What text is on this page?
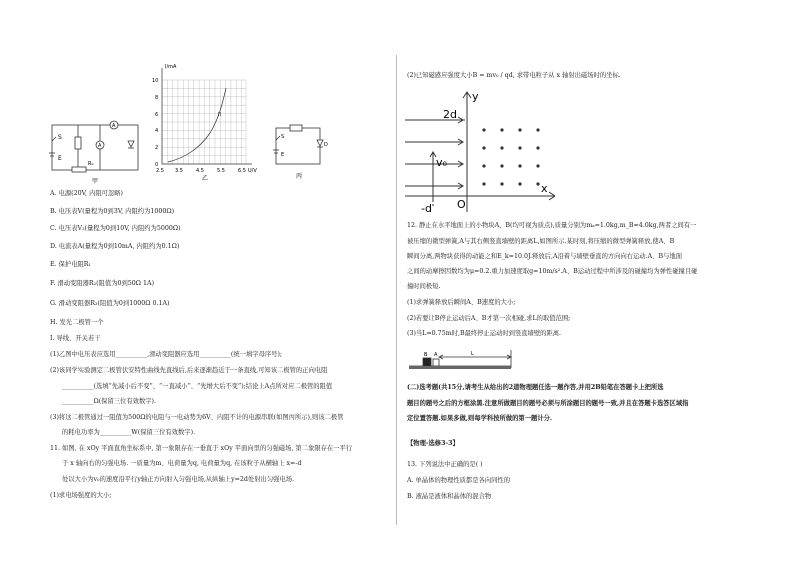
S
A
A
E
R₀
甲
I/mA
10
8
6
4
2
0
2.5 3.5	4.5	5.5	6.5 U/V
II
乙
S
E
D
丙
A. 电源(20V, 内阻可忽略)
B. 电压表V(量程为0到3V, 内阻约为1000Ω)
C. 电压表V₂(量程为0到10V, 内阻约为5000Ω)
D. 电流表A(量程为0到10mA, 内阻约为0.1Ω)
E. 保护电阻R₁
F. 滑动变阻器R₂(阻值为0到50Ω 1A)
G. 滑动变阻器R₃(阻值为0到1000Ω 0.1A)
H. 发光二极管一个
I. 导线、开关若干
(1)乙图中电压表应选用__________,滑动变阻器应选用__________(统一填字母序号);
(2)该同学实验测定二极管伏安特性曲线先直线后,后来逐渐趋近于一条直线,可知该二极管的正向电阻
__________(选填“先减小后不变”、“一直减小”、“先增大后不变”);结论上A点所对应二极管的阻值
__________Ω(保留三位有效数字).
(3)将这二极管通过一阻值为500Ω的电阻与一电动势为6V、内阻不计的电源串联(如图丙所示),则该二极管
的耗电功率为__________W(保留三位有效数字).
11. 如图, 在 xOy 平面直角坐标系中, 第一象限存在一垂直于 xOy 平面向里的匀强磁场, 第二象限存在一平行
于 x 轴向右的匀强电场. 一质量为m、电荷量为q, 电荷量为q, 在该粒子从横轴上 x=-d
处以大小为v₀的速度沿平行y轴正方向射入匀强电场,从纵轴上y=2d处射出匀强电场.
(1)求电场强度的大小;
(2)已知磁感应强度大小B = mv₀ / qd, 求带电粒子从 x 轴射出磁场时的坐标.
y
x
O
2d
v₀
-d
12. 静止在水平地面上的小物块A、B(均可视为质点),质量分别为mₐ=1.0kg,m_B=4.0kg,两者之间有一
被压缩的微型弹簧,A与其右侧竖直墙壁的距离L,如图所示.某时刻,将压缩的微型弹簧释放,使A、B
瞬间分离,两物块获得的动能之和E_k=10.0J.释放后,A沿着与墙壁垂直的方向向右运动.A、B与地面
之间的动摩擦因数均为μ=0.2.重力加速度取g=10m/s².A、B运动过程中所涉及的碰撞均为弹性碰撞且碰
撞时间极短.
(1)求弹簧释放后瞬间A、B速度的大小;
(2)若要让B停止运动后A、B才第一次相碰,求L的取值范围;
(3)当L=0.75m时,B最终停止运动时到竖直墙壁的距离.
B A	L
(二)选考题(共15分,请考生从给出的2道物理题任选一题作答,并用2B铅笔在答题卡上把所选
题目的题号之后的方框涂黑.注意所做题目的题号必须与所涂题目的题号一致,并且在答题卡选答区域指
定位置答题.如果多做,则每学科按所做的第一题计分.
【物理-选修3-3】
13. 下列说法中正确的是( )
A. 单晶体的物理性质都是各向同性的
B. 液晶是液体和晶体的混合物
